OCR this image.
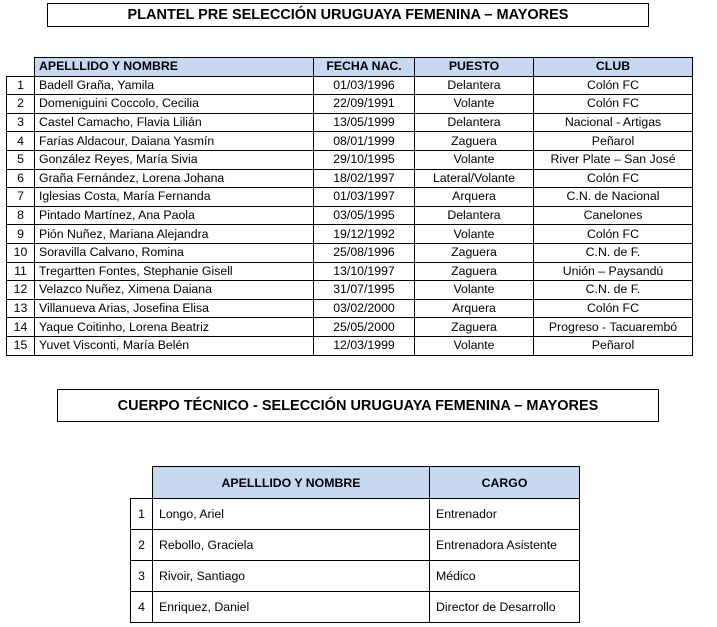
PLANTEL PRE SELECCIÓN URUGUAYA FEMENINA – MAYORES
	APELLLIDO Y NOMBRE	FECHA NAC.	PUESTO	CLUB
1	Badell Graña, Yamila	01/03/1996	Delantera	Colón FC
2	Domeniguini Coccolo, Cecilia	22/09/1991	Volante	Colón FC
3	Castel Camacho, Flavia Lilián	13/05/1999	Delantera	Nacional - Artigas
4	Farías Aldacour, Daiana Yasmín	08/01/1999	Zaguera	Peñarol
5	González Reyes, María Sivia	29/10/1995	Volante	River Plate – San José
6	Graña Fernández, Lorena Johana	18/02/1997	Lateral/Volante	Colón FC
7	Iglesias Costa, María Fernanda	01/03/1997	Arquera	C.N. de Nacional
8	Pintado Martínez, Ana Paola	03/05/1995	Delantera	Canelones
9	Pión Nuñez, Mariana Alejandra	19/12/1992	Volante	Colón FC
10	Soravilla Calvano, Romina	25/08/1996	Zaguera	C.N. de F.
11	Tregartten Fontes, Stephanie Gisell	13/10/1997	Zaguera	Unión – Paysandú
12	Velazco Nuñez, Ximena Daiana	31/07/1995	Volante	C.N. de F.
13	Villanueva Arias, Josefina Elisa	03/02/2000	Arquera	Colón FC
14	Yaque Coitinho, Lorena Beatriz	25/05/2000	Zaguera	Progreso - Tacuarembó
15	Yuvet Visconti, María Belén	12/03/1999	Volante	Peñarol
CUERPO TÉCNICO - SELECCIÓN URUGUAYA FEMENINA – MAYORES
	APELLLIDO Y NOMBRE	CARGO
1	Longo, Ariel	Entrenador
2	Rebollo, Graciela	Entrenadora Asistente
3	Rivoir, Santiago	Médico
4	Enriquez, Daniel	Director de Desarrollo
